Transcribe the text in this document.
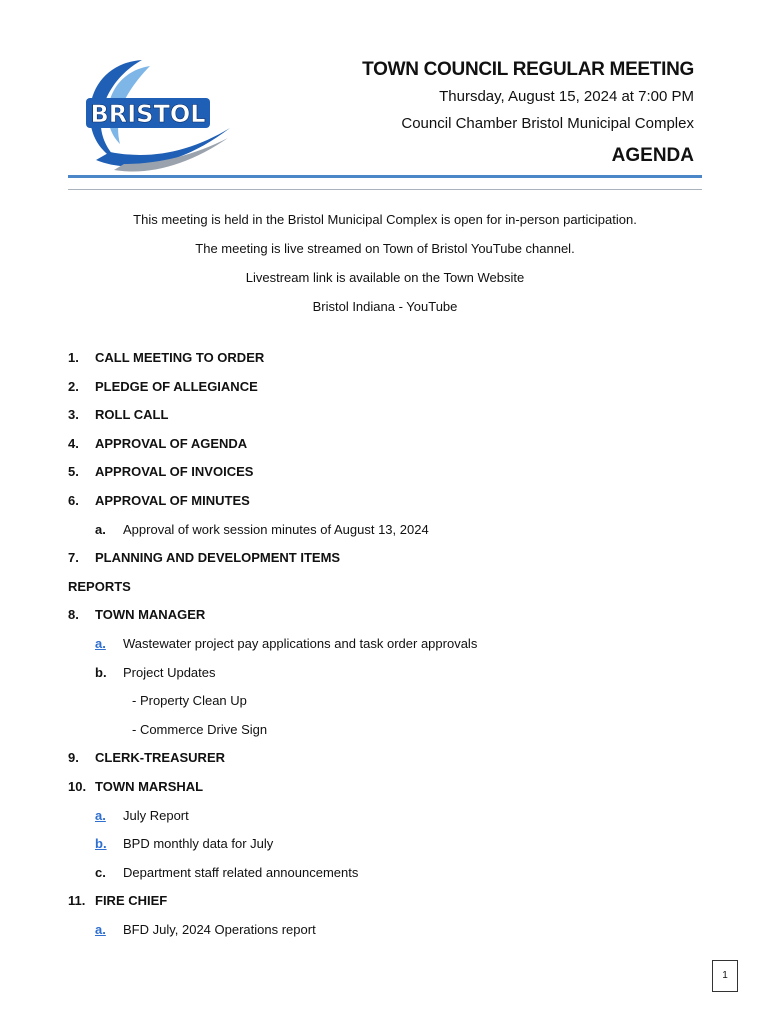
BRISTOL

TOWN COUNCIL REGULAR MEETING

Thursday, August 15, 2024 at 7:00 PM

Council Chamber Bristol Municipal Complex

AGENDA

This meeting is held in the Bristol Municipal Complex is open for in-person participation.

The meeting is live streamed on Town of Bristol YouTube channel.

Livestream link is available on the Town Website

Bristol Indiana - YouTube

1.	CALL MEETING TO ORDER
2.	PLEDGE OF ALLEGIANCE
3.	ROLL CALL
4.	APPROVAL OF AGENDA
5.	APPROVAL OF INVOICES
6.	APPROVAL OF MINUTES
a.	Approval of work session minutes of August 13, 2024
7.	PLANNING AND DEVELOPMENT ITEMS
REPORTS
8.	TOWN MANAGER
a.	Wastewater project pay applications and task order approvals
b.	Project Updates
- Property Clean Up
- Commerce Drive Sign
9.	CLERK-TREASURER
10. TOWN MARSHAL
a.	July Report
b.	BPD monthly data for July
c.	Department staff related announcements
11. FIRE CHIEF
a.	BFD July, 2024 Operations report
1
